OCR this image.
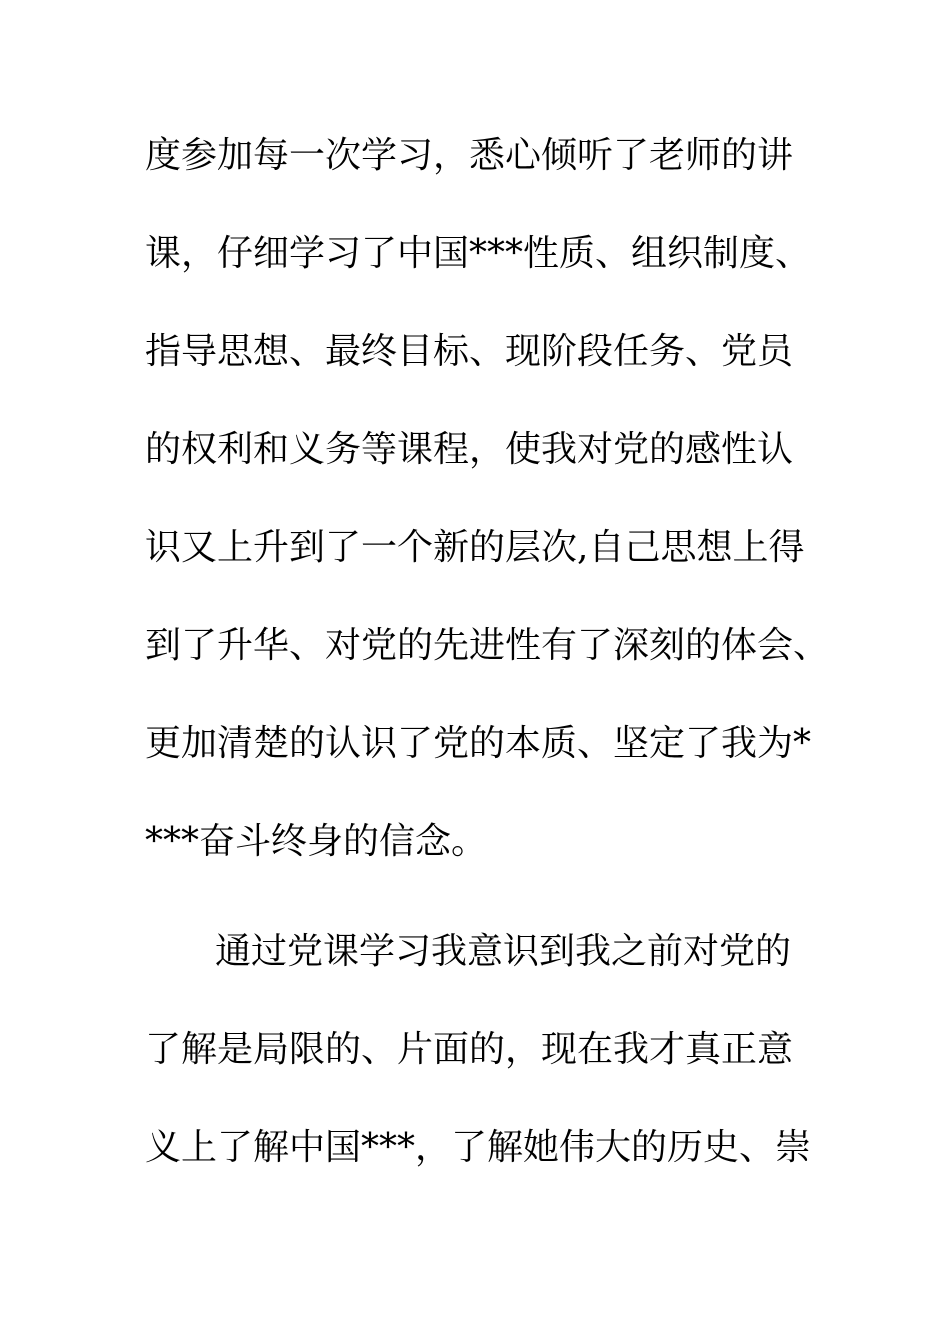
度参加每一次学习，悉心倾听了老师的讲
课，仔细学习了中国***性质、组织制度、
指导思想、最终目标、现阶段任务、党员
的权利和义务等课程，使我对党的感性认
识又上升到了一个新的层次,自己思想上得
到了升华、对党的先进性有了深刻的体会、
更加清楚的认识了党的本质、坚定了我为*
***奋斗终身的信念。
通过党课学习我意识到我之前对党的
了解是局限的、片面的，现在我才真正意
义上了解中国***，了解她伟大的历史、崇
